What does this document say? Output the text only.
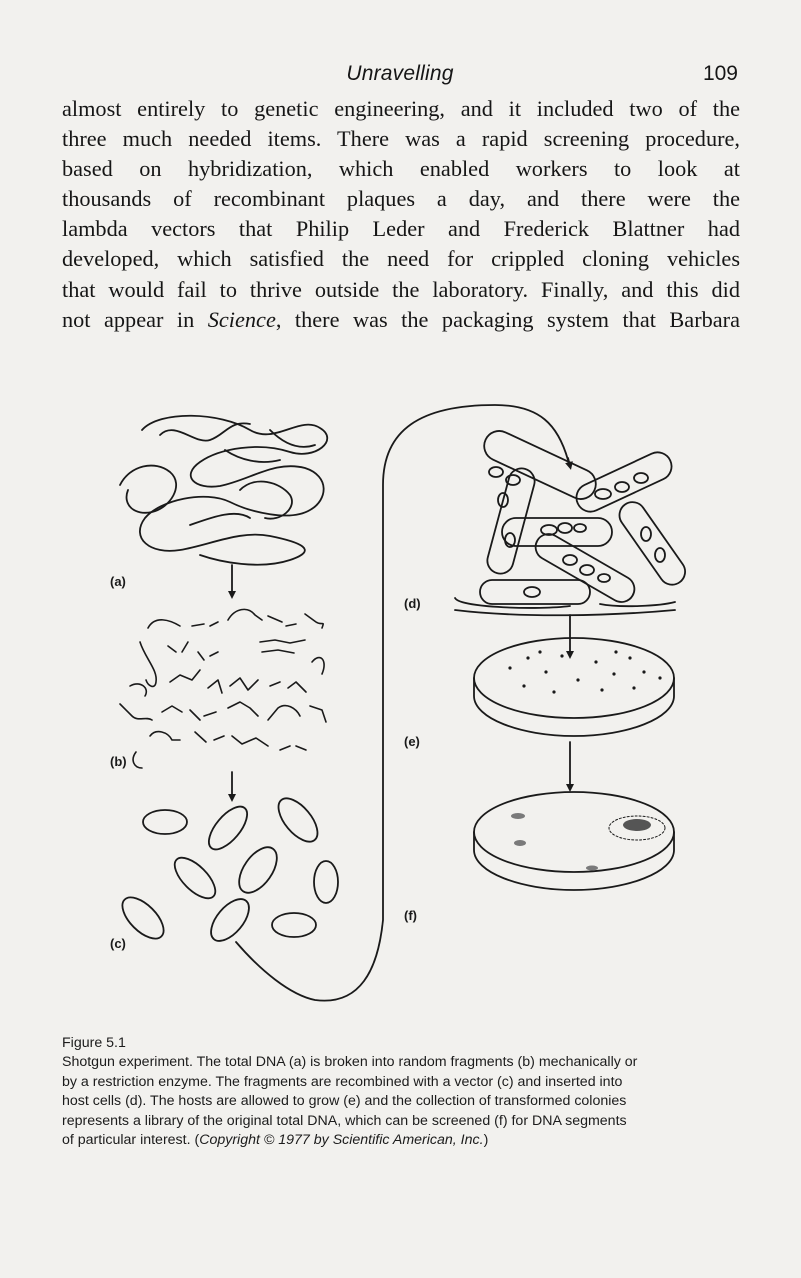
Unravelling	109
almost entirely to genetic engineering, and it included two of the
three much needed items. There was a rapid screening procedure,
based on hybridization, which enabled workers to look at
thousands of recombinant plaques a day, and there were the
lambda vectors that Philip Leder and Frederick Blattner had
developed, which satisfied the need for crippled cloning vehicles
that would fail to thrive outside the laboratory. Finally, and this did
not appear in Science, there was the packaging system that Barbara
(a)
(b)
(c)
(d)
(e)
(f)
Figure 5.1
Shotgun experiment. The total DNA (a) is broken into random fragments (b) mechanically or
by a restriction enzyme. The fragments are recombined with a vector (c) and inserted into
host cells (d). The hosts are allowed to grow (e) and the collection of transformed colonies
represents a library of the original total DNA, which can be screened (f) for DNA segments
of particular interest. (Copyright © 1977 by Scientific American, Inc.)
